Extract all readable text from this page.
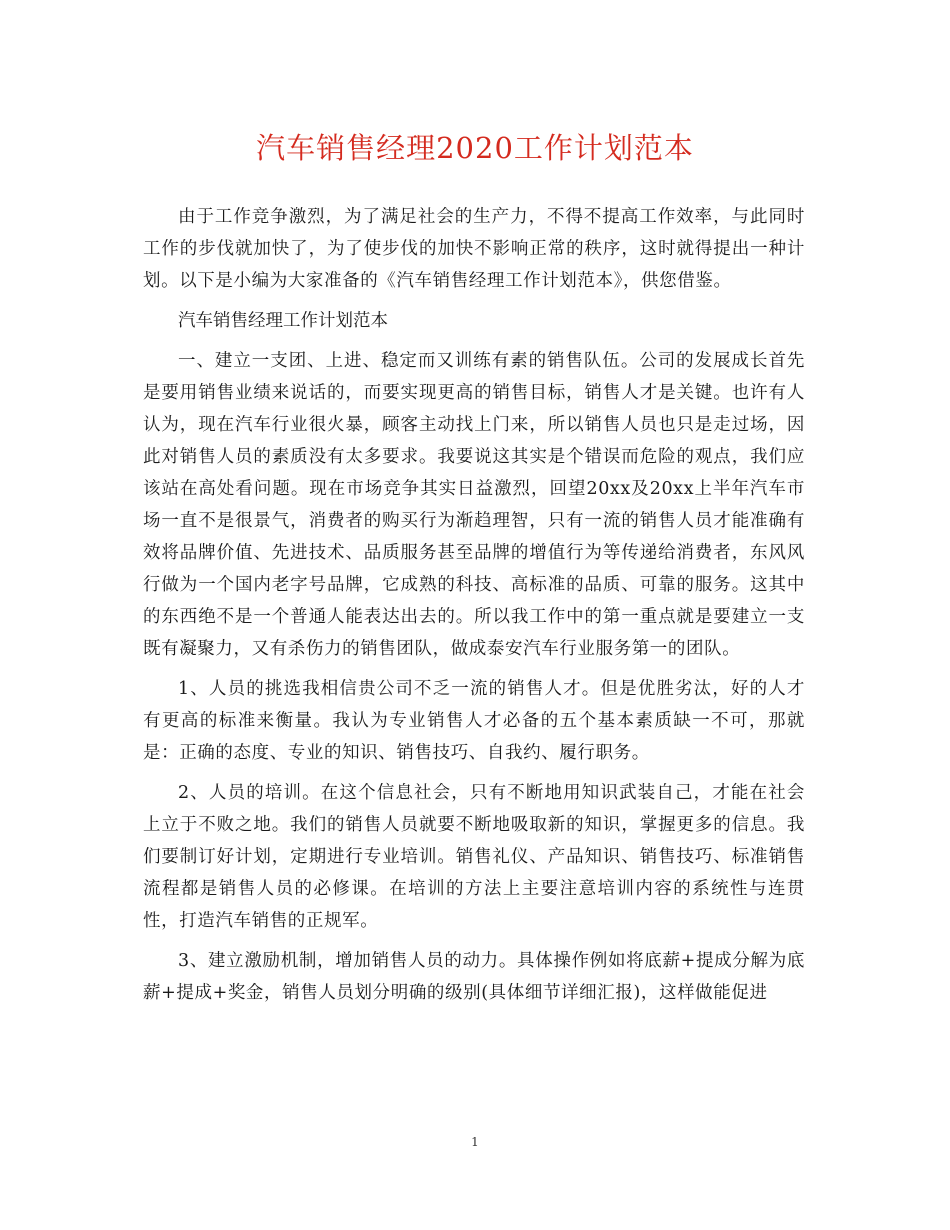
汽车销售经理2020工作计划范本

由于工作竞争激烈，为了满足社会的生产力，不得不提高工作效率，与此同时工作的步伐就加快了，为了使步伐的加快不影响正常的秩序，这时就得提出一种计划。以下是小编为大家准备的《汽车销售经理工作计划范本》，供您借鉴。

汽车销售经理工作计划范本

一、建立一支团、上进、稳定而又训练有素的销售队伍。公司的发展成长首先是要用销售业绩来说话的，而要实现更高的销售目标，销售人才是关键。也许有人认为，现在汽车行业很火暴，顾客主动找上门来，所以销售人员也只是走过场，因此对销售人员的素质没有太多要求。我要说这其实是个错误而危险的观点，我们应该站在高处看问题。现在市场竞争其实日益激烈，回望20xx及20xx上半年汽车市场一直不是很景气，消费者的购买行为渐趋理智，只有一流的销售人员才能准确有效将品牌价值、先进技术、品质服务甚至品牌的增值行为等传递给消费者，东风风行做为一个国内老字号品牌，它成熟的科技、高标准的品质、可靠的服务。这其中的东西绝不是一个普通人能表达出去的。所以我工作中的第一重点就是要建立一支既有凝聚力，又有杀伤力的销售团队，做成泰安汽车行业服务第一的团队。

1、人员的挑选我相信贵公司不乏一流的销售人才。但是优胜劣汰，好的人才有更高的标准来衡量。我认为专业销售人才必备的五个基本素质缺一不可，那就是：正确的态度、专业的知识、销售技巧、自我约、履行职务。

2、人员的培训。在这个信息社会，只有不断地用知识武装自己，才能在社会上立于不败之地。我们的销售人员就要不断地吸取新的知识，掌握更多的信息。我们要制订好计划，定期进行专业培训。销售礼仪、产品知识、销售技巧、标准销售流程都是销售人员的必修课。在培训的方法上主要注意培训内容的系统性与连贯性，打造汽车销售的正规军。

3、建立激励机制，增加销售人员的动力。具体操作例如将底薪+提成分解为底薪+提成+奖金，销售人员划分明确的级别(具体细节详细汇报)，这样做能促进

1
